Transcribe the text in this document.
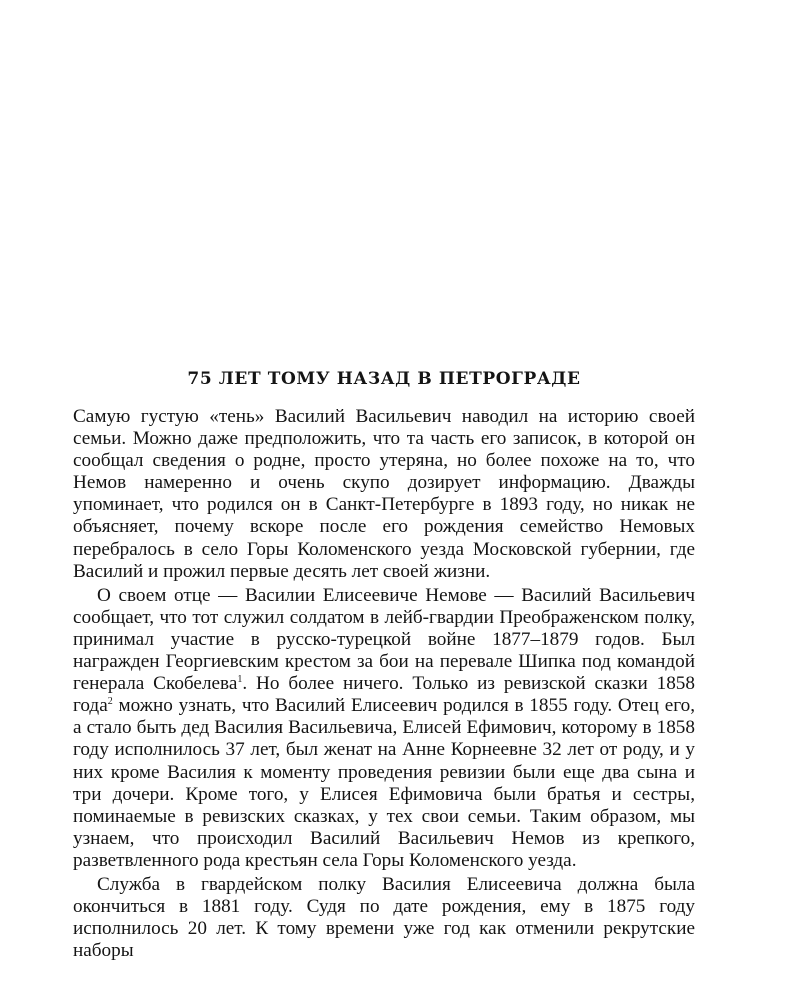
75 ЛЕТ ТОМУ НАЗАД В ПЕТРОГРАДЕ

Самую густую «тень» Василий Васильевич наводил на историю своей семьи. Можно даже предположить, что та часть его записок, в которой он сообщал сведения о родне, просто утеряна, но более похоже на то, что Немов намеренно и очень скупо дозирует информацию. Дважды упоминает, что родился он в Санкт-Петербурге в 1893 году, но никак не объясняет, почему вскоре после его рождения семейство Немовых перебралось в село Горы Коломенского уезда Московской губернии, где Василий и прожил первые десять лет своей жизни.

О своем отце — Василии Елисеевиче Немове — Василий Васильевич сообщает, что тот служил солдатом в лейб-гвардии Преображенском полку, принимал участие в русско-турецкой войне 1877–1879 годов. Был награжден Георгиевским крестом за бои на перевале Шипка под командой генерала Скобелева$^1$. Но более ничего. Только из ревизской сказки 1858 года$^2$ можно узнать, что Василий Елисеевич родился в 1855 году. Отец его, а стало быть дед Василия Васильевича, Елисей Ефимович, которому в 1858 году исполнилось 37 лет, был женат на Анне Корнеевне 32 лет от роду, и у них кроме Василия к моменту проведения ревизии были еще два сына и три дочери. Кроме того, у Елисея Ефимовича были братья и сестры, поминаемые в ревизских сказках, у тех свои семьи. Таким образом, мы узнаем, что происходил Василий Васильевич Немов из крепкого, разветвленного рода крестьян села Горы Коломенского уезда.

Служба в гвардейском полку Василия Елисеевича должна была окончиться в 1881 году. Судя по дате рождения, ему в 1875 году исполнилось 20 лет. К тому времени уже год как отменили рекрутские наборы
